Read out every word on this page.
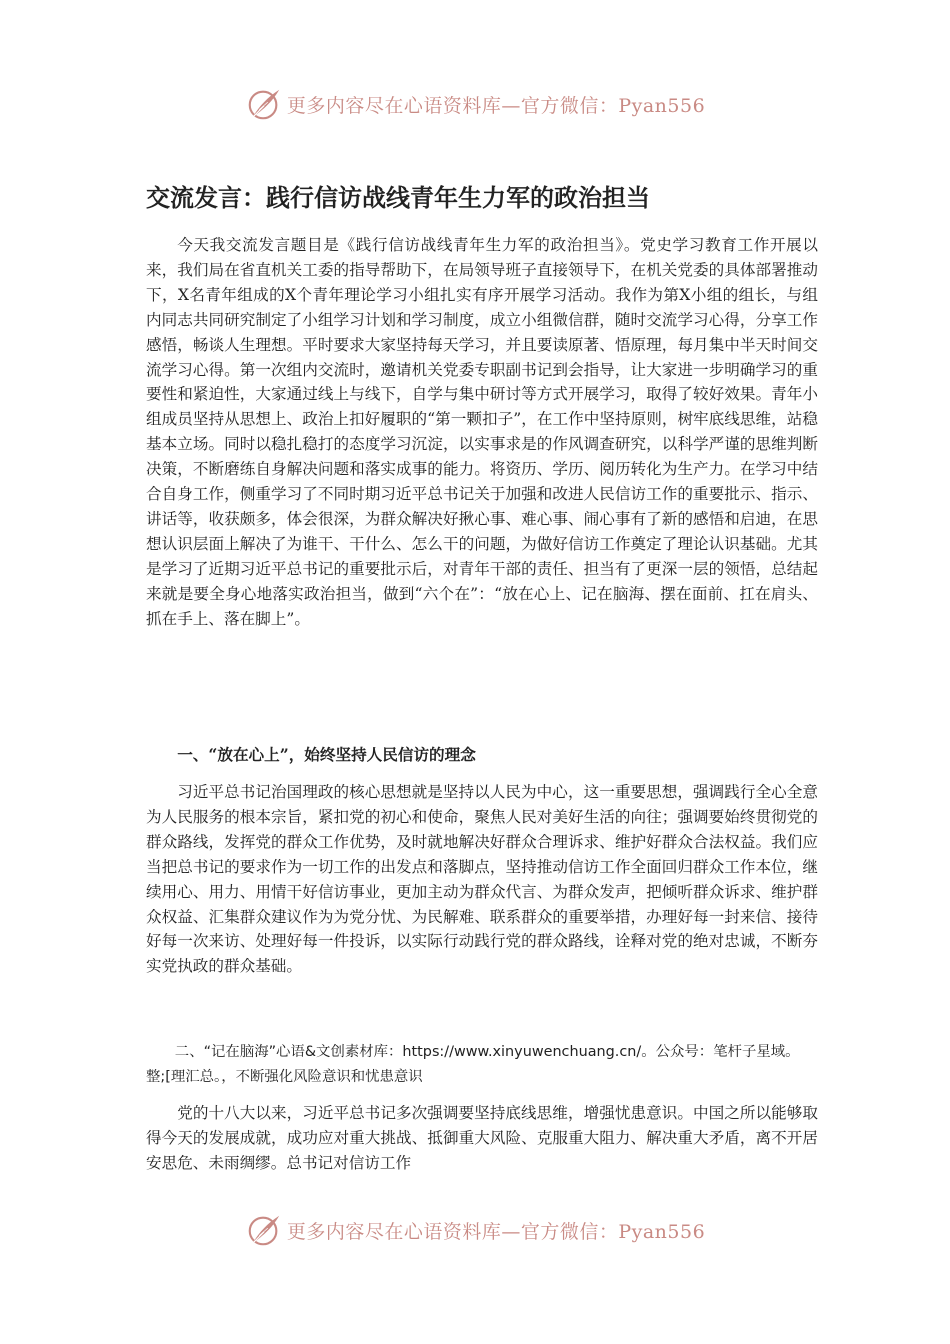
更多内容尽在心语资料库—官方微信：Pyan556
交流发言：践行信访战线青年生力军的政治担当

今天我交流发言题目是《践行信访战线青年生力军的政治担当》。党史学习教育工作开展以来，我们局在省直机关工委的指导帮助下，在局领导班子直接领导下，在机关党委的具体部署推动下，X名青年组成的X个青年理论学习小组扎实有序开展学习活动。我作为第X小组的组长，与组内同志共同研究制定了小组学习计划和学习制度，成立小组微信群，随时交流学习心得，分享工作感悟，畅谈人生理想。平时要求大家坚持每天学习，并且要读原著、悟原理，每月集中半天时间交流学习心得。第一次组内交流时，邀请机关党委专职副书记到会指导，让大家进一步明确学习的重要性和紧迫性，大家通过线上与线下，自学与集中研讨等方式开展学习，取得了较好效果。青年小组成员坚持从思想上、政治上扣好履职的“第一颗扣子”，在工作中坚持原则，树牢底线思维，站稳基本立场。同时以稳扎稳打的态度学习沉淀，以实事求是的作风调查研究，以科学严谨的思维判断决策，不断磨练自身解决问题和落实成事的能力。将资历、学历、阅历转化为生产力。在学习中结合自身工作，侧重学习了不同时期习近平总书记关于加强和改进人民信访工作的重要批示、指示、讲话等，收获颇多，体会很深，为群众解决好揪心事、难心事、闹心事有了新的感悟和启迪，在思想认识层面上解决了为谁干、干什么、怎么干的问题，为做好信访工作奠定了理论认识基础。尤其是学习了近期习近平总书记的重要批示后，对青年干部的责任、担当有了更深一层的领悟，总结起来就是要全身心地落实政治担当，做到“六个在”：“放在心上、记在脑海、摆在面前、扛在肩头、抓在手上、落在脚上”。

一、“放在心上”，始终坚持人民信访的理念

习近平总书记治国理政的核心思想就是坚持以人民为中心，这一重要思想，强调践行全心全意为人民服务的根本宗旨，紧扣党的初心和使命，聚焦人民对美好生活的向往；强调要始终贯彻党的群众路线，发挥党的群众工作优势，及时就地解决好群众合理诉求、维护好群众合法权益。我们应当把总书记的要求作为一切工作的出发点和落脚点，坚持推动信访工作全面回归群众工作本位，继续用心、用力、用情干好信访事业，更加主动为群众代言、为群众发声，把倾听群众诉求、维护群众权益、汇集群众建议作为为党分忧、为民解难、联系群众的重要举措，办理好每一封来信、接待好每一次来访、处理好每一件投诉，以实际行动践行党的群众路线，诠释对党的绝对忠诚，不断夯实党执政的群众基础。

二、“记在脑海”心语&文创素材库：https://www.xinyuwenchuang.cn/。公众号：笔杆子星域。整;[理汇总。，不断强化风险意识和忧患意识

党的十八大以来，习近平总书记多次强调要坚持底线思维，增强忧患意识。中国之所以能够取得今天的发展成就，成功应对重大挑战、抵御重大风险、克服重大阻力、解决重大矛盾，离不开居安思危、未雨绸缪。总书记对信访工作

更多内容尽在心语资料库—官方微信：Pyan556
